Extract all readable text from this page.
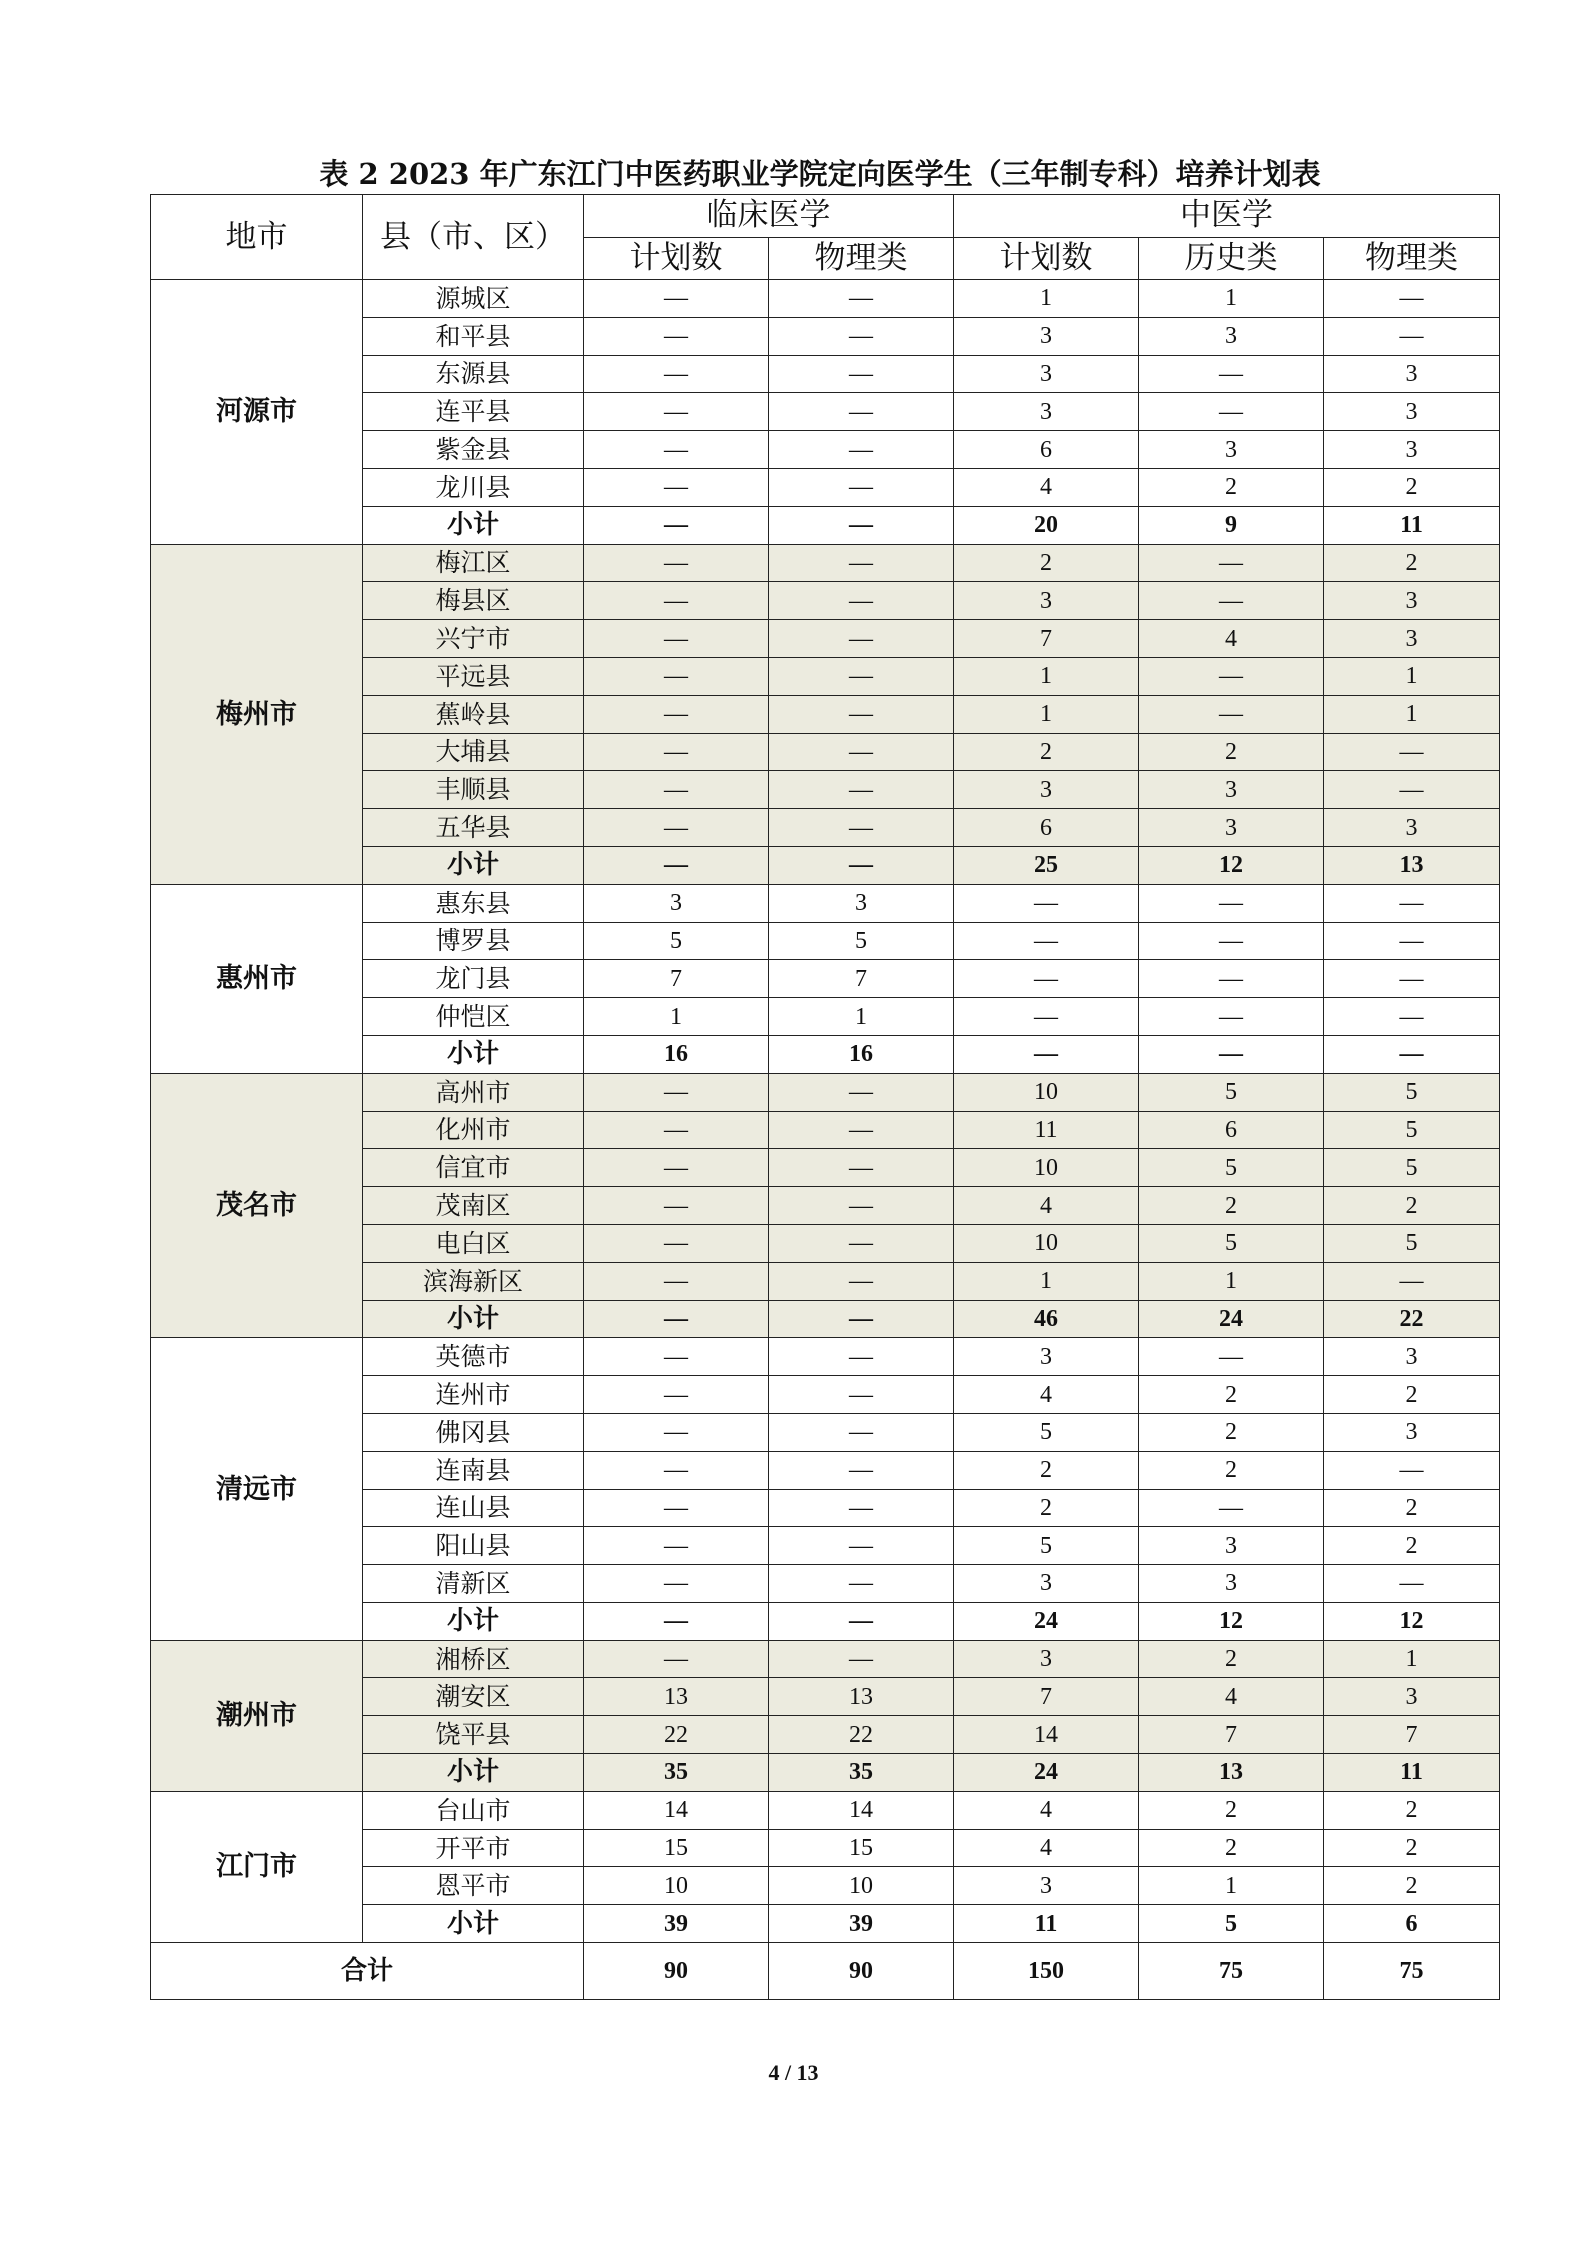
表 2 2023 年广东江门中医药职业学院定向医学生（三年制专科）培养计划表
地市	县（市、区）	临床医学		中医学		
		计划数	物理类	计划数	历史类	物理类
河源市	源城区	—	—	1	1	—
	和平县	—	—	3	3	—
	东源县	—	—	3	—	3
	连平县	—	—	3	—	3
	紫金县	—	—	6	3	3
	龙川县	—	—	4	2	2
	小计	—	—	20	9	11
梅州市	梅江区	—	—	2	—	2
	梅县区	—	—	3	—	3
	兴宁市	—	—	7	4	3
	平远县	—	—	1	—	1
	蕉岭县	—	—	1	—	1
	大埔县	—	—	2	2	—
	丰顺县	—	—	3	3	—
	五华县	—	—	6	3	3
	小计	—	—	25	12	13
惠州市	惠东县	3	3	—	—	—
	博罗县	5	5	—	—	—
	龙门县	7	7	—	—	—
	仲恺区	1	1	—	—	—
	小计	16	16	—	—	—
茂名市	高州市	—	—	10	5	5
	化州市	—	—	11	6	5
	信宜市	—	—	10	5	5
	茂南区	—	—	4	2	2
	电白区	—	—	10	5	5
	滨海新区	—	—	1	1	—
	小计	—	—	46	24	22
清远市	英德市	—	—	3	—	3
	连州市	—	—	4	2	2
	佛冈县	—	—	5	2	3
	连南县	—	—	2	2	—
	连山县	—	—	2	—	2
	阳山县	—	—	5	3	2
	清新区	—	—	3	3	—
	小计	—	—	24	12	12
潮州市	湘桥区	—	—	3	2	1
	潮安区	13	13	7	4	3
	饶平县	22	22	14	7	7
	小计	35	35	24	13	11
江门市	台山市	14	14	4	2	2
	开平市	15	15	4	2	2
	恩平市	10	10	3	1	2
	小计	39	39	11	5	6
合计		90	90	150	75	75
4 / 13
